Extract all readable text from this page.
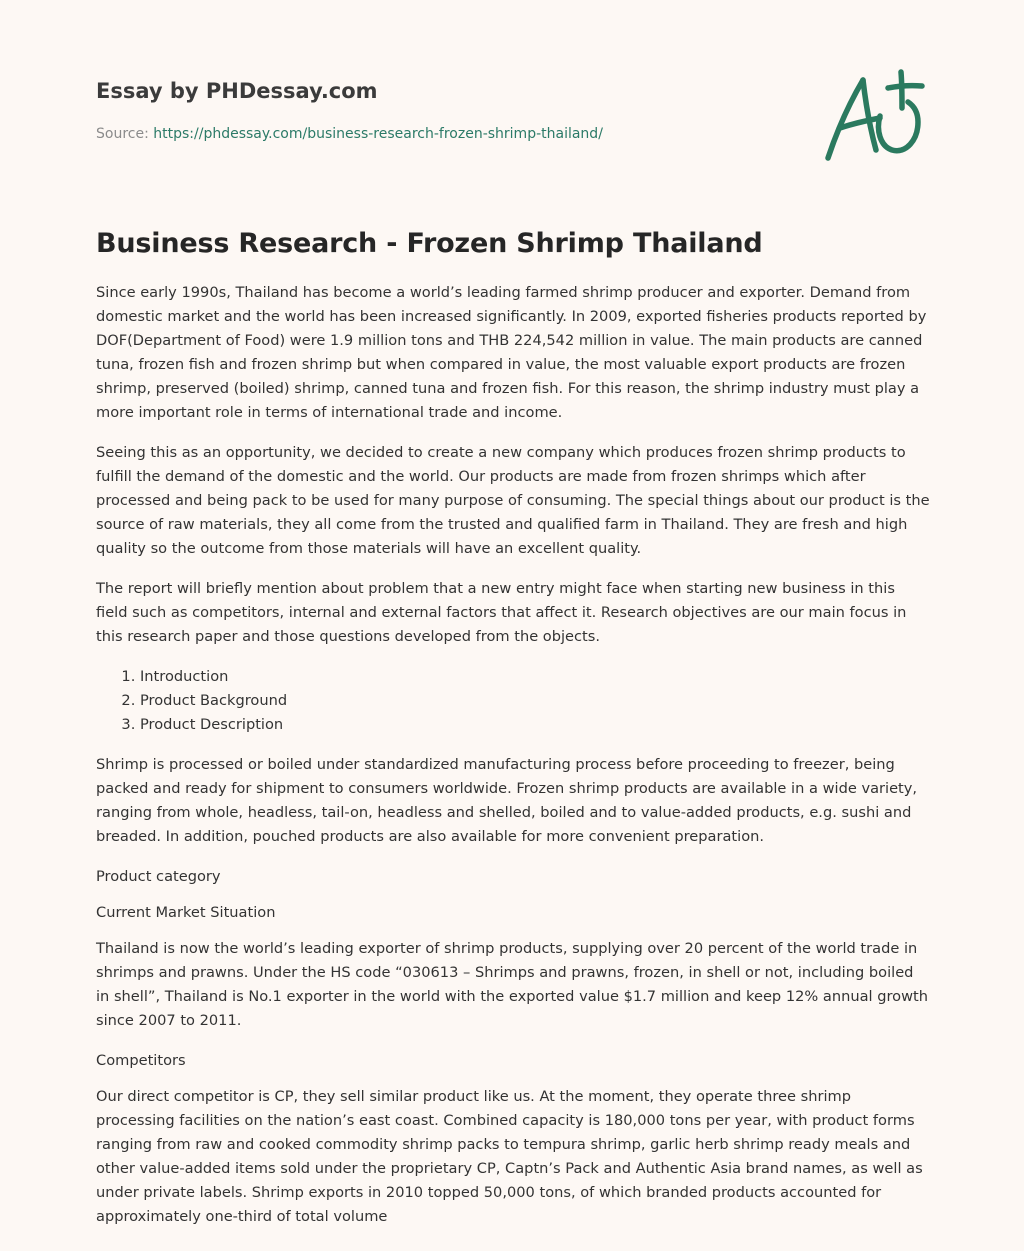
Essay by PHDessay.com
Source: https://phdessay.com/business-research-frozen-shrimp-thailand/
Business Research - Frozen Shrimp Thailand

Since early 1990s, Thailand has become a world’s leading farmed shrimp producer and exporter. Demand from domestic market and the world has been increased significantly. In 2009, exported fisheries products reported by DOF(Department of Food) were 1.9 million tons and THB 224,542 million in value. The main products are canned tuna, frozen fish and frozen shrimp but when compared in value, the most valuable export products are frozen shrimp, preserved (boiled) shrimp, canned tuna and frozen fish. For this reason, the shrimp industry must play a more important role in terms of international trade and income.

Seeing this as an opportunity, we decided to create a new company which produces frozen shrimp products to fulfill the demand of the domestic and the world. Our products are made from frozen shrimps which after processed and being pack to be used for many purpose of consuming. The special things about our product is the source of raw materials, they all come from the trusted and qualified farm in Thailand. They are fresh and high quality so the outcome from those materials will have an excellent quality.

The report will briefly mention about problem that a new entry might face when starting new business in this field such as competitors, internal and external factors that affect it. Research objectives are our main focus in this research paper and those questions developed from the objects.

1. Introduction
2. Product Background
3. Product Description

Shrimp is processed or boiled under standardized manufacturing process before proceeding to freezer, being packed and ready for shipment to consumers worldwide. Frozen shrimp products are available in a wide variety, ranging from whole, headless, tail-on, headless and shelled, boiled and to value-added products, e.g. sushi and breaded. In addition, pouched products are also available for more convenient preparation.

Product category

Current Market Situation

Thailand is now the world’s leading exporter of shrimp products, supplying over 20 percent of the world trade in shrimps and prawns. Under the HS code “030613 – Shrimps and prawns, frozen, in shell or not, including boiled in shell”, Thailand is No.1 exporter in the world with the exported value $1.7 million and keep 12% annual growth since 2007 to 2011.

Competitors

Our direct competitor is CP, they sell similar product like us. At the moment, they operate three shrimp processing facilities on the nation’s east coast. Combined capacity is 180,000 tons per year, with product forms ranging from raw and cooked commodity shrimp packs to tempura shrimp, garlic herb shrimp ready meals and other value-added items sold under the proprietary CP, Captn’s Pack and Authentic Asia brand names, as well as under private labels. Shrimp exports in 2010 topped 50,000 tons, of which branded products accounted for approximately one-third of total volume
